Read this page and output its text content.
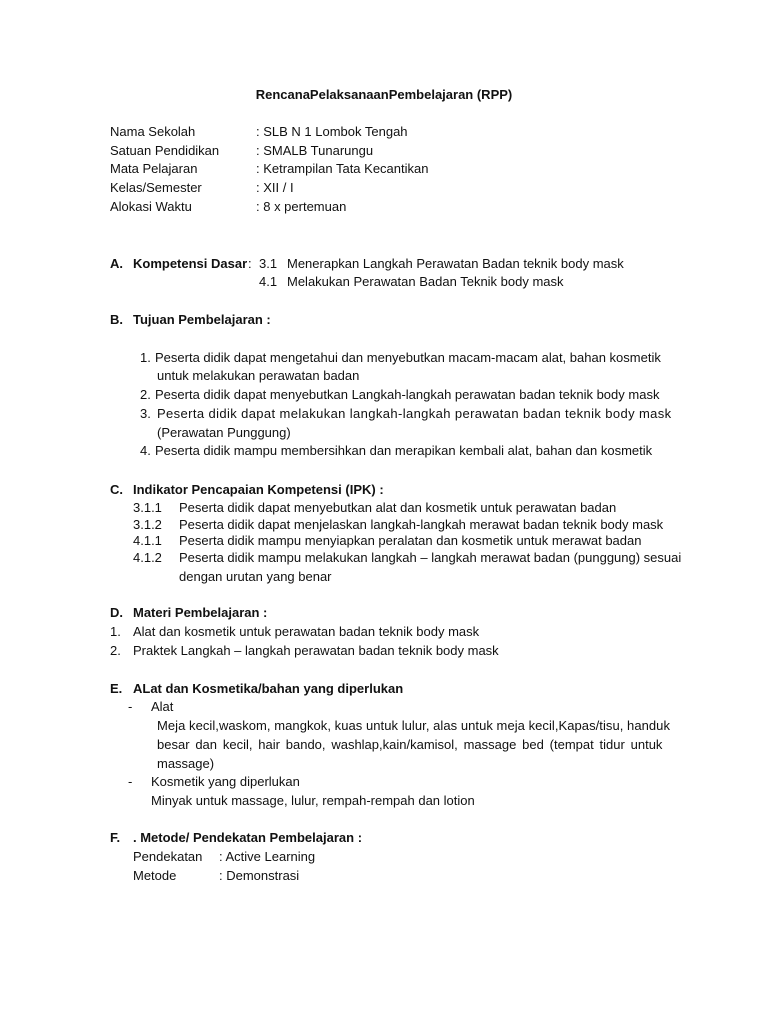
RencanaPelaksanaanPembelajaran (RPP)
Nama Sekolah	: SLB N 1 Lombok Tengah
Satuan Pendidikan	: SMALB Tunarungu
Mata Pelajaran	: Ketrampilan Tata Kecantikan
Kelas/Semester	: XII / I
Alokasi Waktu	: 8 x pertemuan
A. Kompetensi Dasar : 3.1 Menerapkan Langkah Perawatan Badan teknik body mask
4.1 Melakukan Perawatan Badan Teknik body mask
B. Tujuan Pembelajaran :
1. Peserta didik dapat mengetahui dan menyebutkan macam-macam alat, bahan kosmetik
untuk melakukan perawatan badan
2. Peserta didik dapat menyebutkan Langkah-langkah perawatan badan teknik body mask
3. Peserta didik dapat melakukan langkah-langkah perawatan badan teknik body mask
(Perawatan Punggung)
4. Peserta didik mampu membersihkan dan merapikan kembali alat, bahan dan kosmetik
C. Indikator Pencapaian Kompetensi (IPK) :
3.1.1 Peserta didik dapat menyebutkan alat dan kosmetik untuk perawatan badan
3.1.2 Peserta didik dapat menjelaskan langkah-langkah merawat badan teknik body mask
4.1.1 Peserta didik mampu menyiapkan peralatan dan kosmetik untuk merawat badan
4.1.2 Peserta didik mampu melakukan langkah – langkah merawat badan (punggung) sesuai
dengan urutan yang benar
D. Materi Pembelajaran :
1. Alat dan kosmetik untuk perawatan badan teknik body mask
2. Praktek Langkah – langkah perawatan badan teknik body mask
E. ALat dan Kosmetika/bahan yang diperlukan
- Alat
Meja kecil,waskom, mangkok, kuas untuk lulur, alas untuk meja kecil,Kapas/tisu, handuk
besar dan kecil, hair bando, washlap,kain/kamisol, massage bed (tempat tidur untuk
massage)
- Kosmetik yang diperlukan
Minyak untuk massage, lulur, rempah-rempah dan lotion
F. . Metode/ Pendekatan Pembelajaran :
Pendekatan : Active Learning
Metode	: Demonstrasi
